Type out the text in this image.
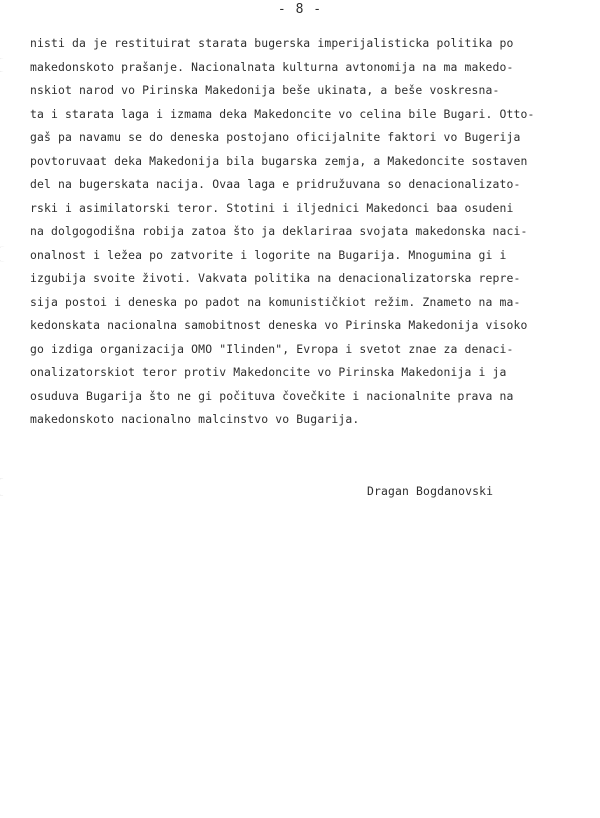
- 8 -
nisti da je restituirat starata bugerska imperijalisticka politika po
makedonskoto prašanje. Nacionalnata kulturna avtonomija na ma makedo-
nskiot narod vo Pirinska Makedonija beše ukinata, a beše voskresna-
ta i starata laga i izmama deka Makedoncite vo celina bile Bugari. Otto-
gaš pa navamu se do deneska postojano oficijalnite faktori vo Bugerija
povtoruvaat deka Makedonija bila bugarska zemja, a Makedoncite sostaven
del na bugerskata nacija. Ovaa laga e pridružuvana so denacionalizato-
rski i asimilatorski teror. Stotini i iljednici Makedonci baa osudeni
na dolgogodišna robija zatoa što ja deklariraa svojata makedonska naci-
onalnost i ležea po zatvorite i logorite na Bugarija. Mnogumina gi i
izgubija svoite životi. Vakvata politika na denacionalizatorska repre-
sija postoi i deneska po padot na komunističkiot režim. Znameto na ma-
kedonskata nacionalna samobitnost deneska vo Pirinska Makedonija visoko
go izdiga organizacija OMO "Ilinden", Evropa i svetot znae za denaci-
onalizatorskiot teror protiv Makedoncite vo Pirinska Makedonija i ja
osuduva Bugarija što ne gi počituva čovečkite i nacionalnite prava na
makedonskoto nacionalno malcinstvo vo Bugarija.
Dragan Bogdanovski
